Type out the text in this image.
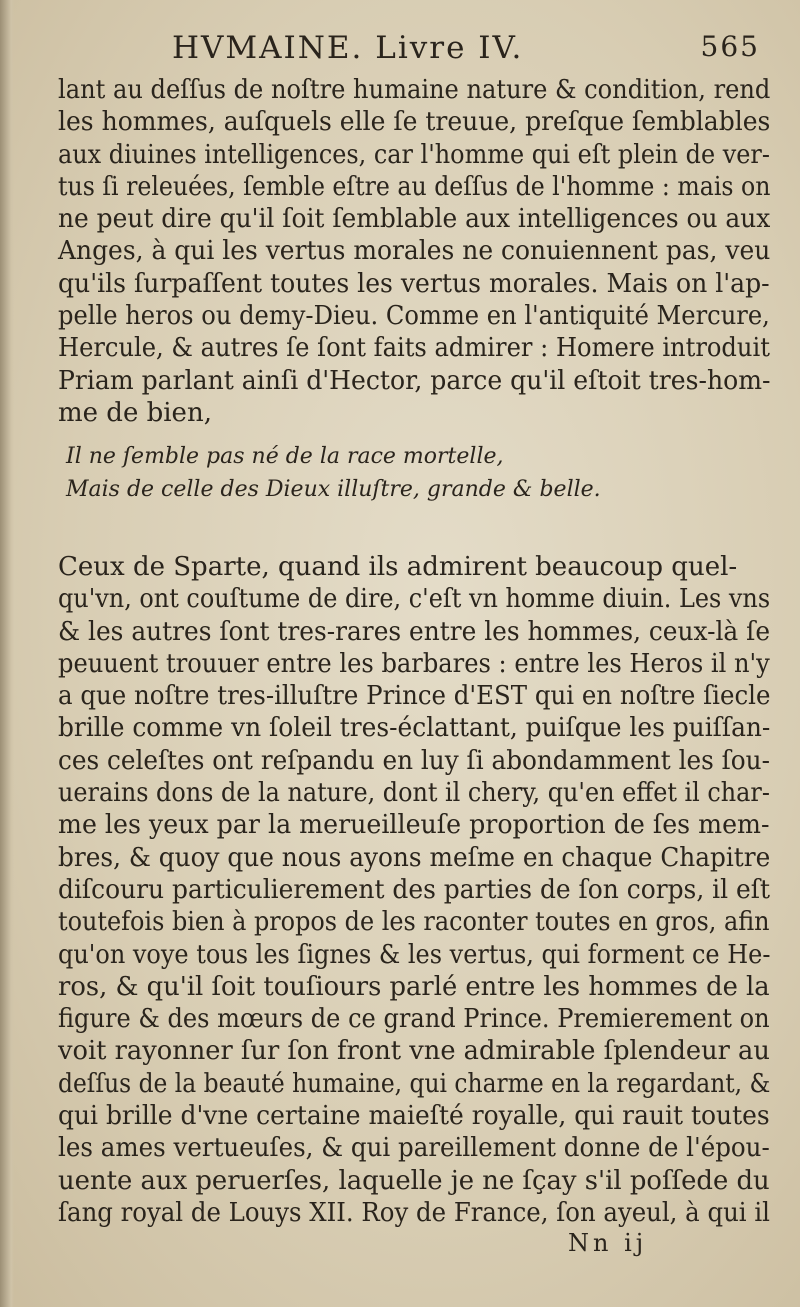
HVMAINE. Livre IV.	565

lant au deſſus de noſtre humaine nature & condition, rend
les hommes, auſquels elle ſe treuue, preſque ſemblables
aux diuines intelligences, car l'homme qui eſt plein de ver-
tus ſi releuées, ſemble eſtre au deſſus de l'homme : mais on
ne peut dire qu'il ſoit ſemblable aux intelligences ou aux
Anges, à qui les vertus morales ne conuiennent pas, veu
qu'ils ſurpaſſent toutes les vertus morales. Mais on l'ap-
pelle heros ou demy-Dieu. Comme en l'antiquité Mercure,
Hercule, & autres ſe ſont faits admirer : Homere introduit
Priam parlant ainſi d'Hector, parce qu'il eſtoit tres-hom-
me de bien,

Il ne ſemble pas né de la race mortelle,
Mais de celle des Dieux illuſtre, grande & belle.

Ceux de Sparte, quand ils admirent beaucoup quel-
qu'vn, ont couſtume de dire, c'eſt vn homme diuin. Les vns
& les autres ſont tres-rares entre les hommes, ceux-là ſe
peuuent trouuer entre les barbares : entre les Heros il n'y
a que noſtre tres-illuſtre Prince d'EST qui en noſtre ſiecle
brille comme vn ſoleil tres-éclattant, puiſque les puiſſan-
ces celeſtes ont reſpandu en luy ſi abondamment les ſou-
uerains dons de la nature, dont il chery, qu'en effet il char-
me les yeux par la merueilleuſe proportion de ſes mem-
bres, & quoy que nous ayons meſme en chaque Chapitre
diſcouru particulierement des parties de ſon corps, il eſt
toutefois bien à propos de les raconter toutes en gros, afin
qu'on voye tous les ſignes & les vertus, qui forment ce He-
ros, & qu'il ſoit touſiours parlé entre les hommes de la
figure & des mœurs de ce grand Prince. Premierement on
voit rayonner ſur ſon front vne admirable ſplendeur au
deſſus de la beauté humaine, qui charme en la regardant, &
qui brille d'vne certaine maieſté royalle, qui rauit toutes
les ames vertueuſes, & qui pareillement donne de l'épou-
uente aux peruerſes, laquelle je ne ſçay s'il poſſede du
ſang royal de Louys XII. Roy de France, ſon ayeul, à qui il

Nn ij
